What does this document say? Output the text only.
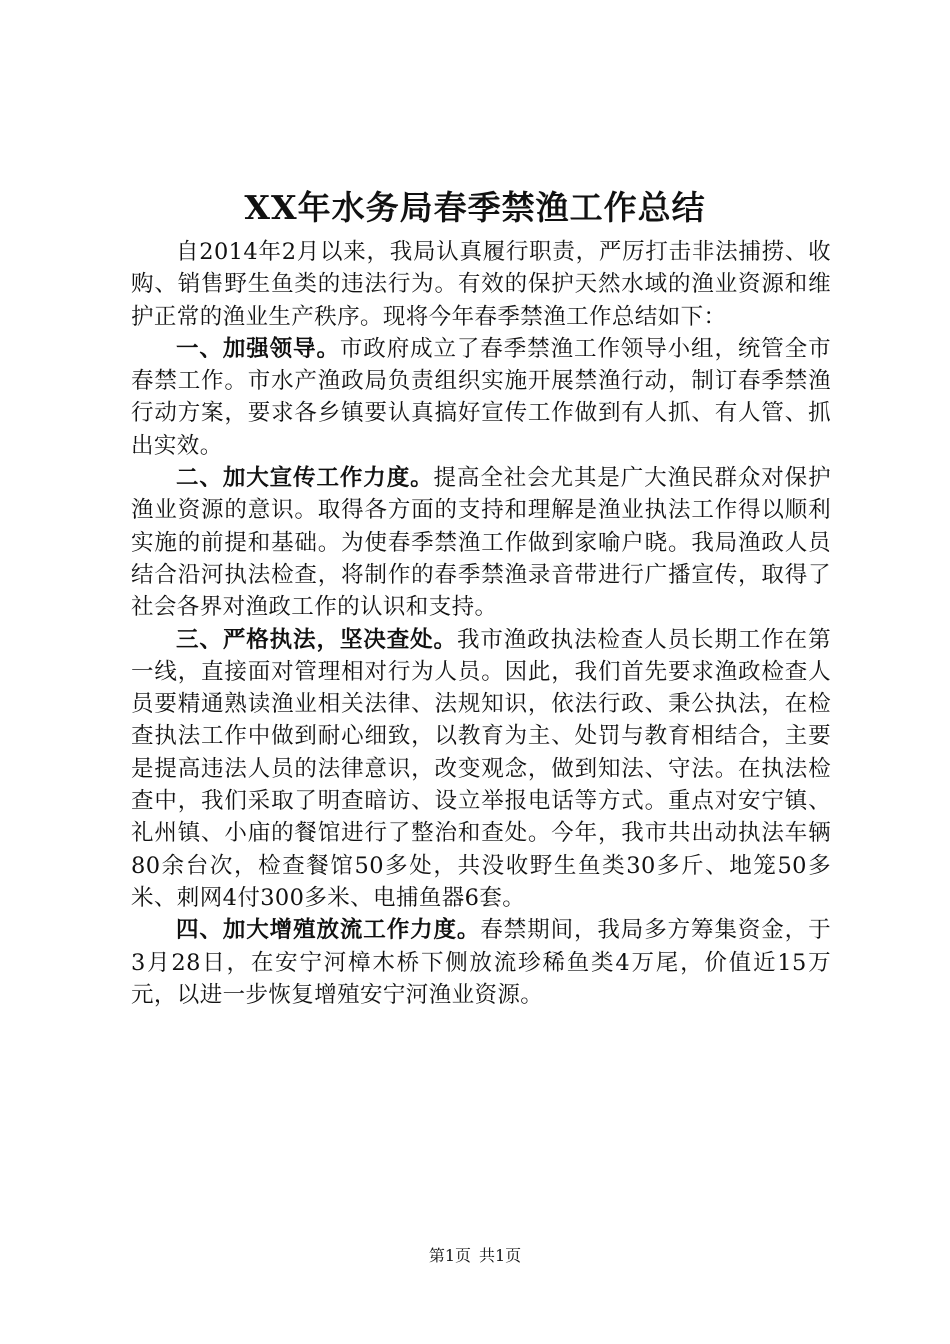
XX年水务局春季禁渔工作总结

自2014年2月以来，我局认真履行职责，严厉打击非法捕捞、收购、销售野生鱼类的违法行为。有效的保护天然水域的渔业资源和维护正常的渔业生产秩序。现将今年春季禁渔工作总结如下：

一、加强领导。市政府成立了春季禁渔工作领导小组，统管全市春禁工作。市水产渔政局负责组织实施开展禁渔行动，制订春季禁渔行动方案，要求各乡镇要认真搞好宣传工作做到有人抓、有人管、抓出实效。

二、加大宣传工作力度。提高全社会尤其是广大渔民群众对保护渔业资源的意识。取得各方面的支持和理解是渔业执法工作得以顺利实施的前提和基础。为使春季禁渔工作做到家喻户晓。我局渔政人员结合沿河执法检查，将制作的春季禁渔录音带进行广播宣传，取得了社会各界对渔政工作的认识和支持。

三、严格执法，坚决查处。我市渔政执法检查人员长期工作在第一线，直接面对管理相对行为人员。因此，我们首先要求渔政检查人员要精通熟读渔业相关法律、法规知识，依法行政、秉公执法，在检查执法工作中做到耐心细致，以教育为主、处罚与教育相结合，主要是提高违法人员的法律意识，改变观念，做到知法、守法。在执法检查中，我们采取了明查暗访、设立举报电话等方式。重点对安宁镇、礼州镇、小庙的餐馆进行了整治和查处。今年，我市共出动执法车辆80余台次，检查餐馆50多处，共没收野生鱼类30多斤、地笼50多米、刺网4付300多米、电捕鱼器6套。

四、加大增殖放流工作力度。春禁期间，我局多方筹集资金，于3月28日，在安宁河樟木桥下侧放流珍稀鱼类4万尾，价值近15万元，以进一步恢复增殖安宁河渔业资源。

第1页 共1页
